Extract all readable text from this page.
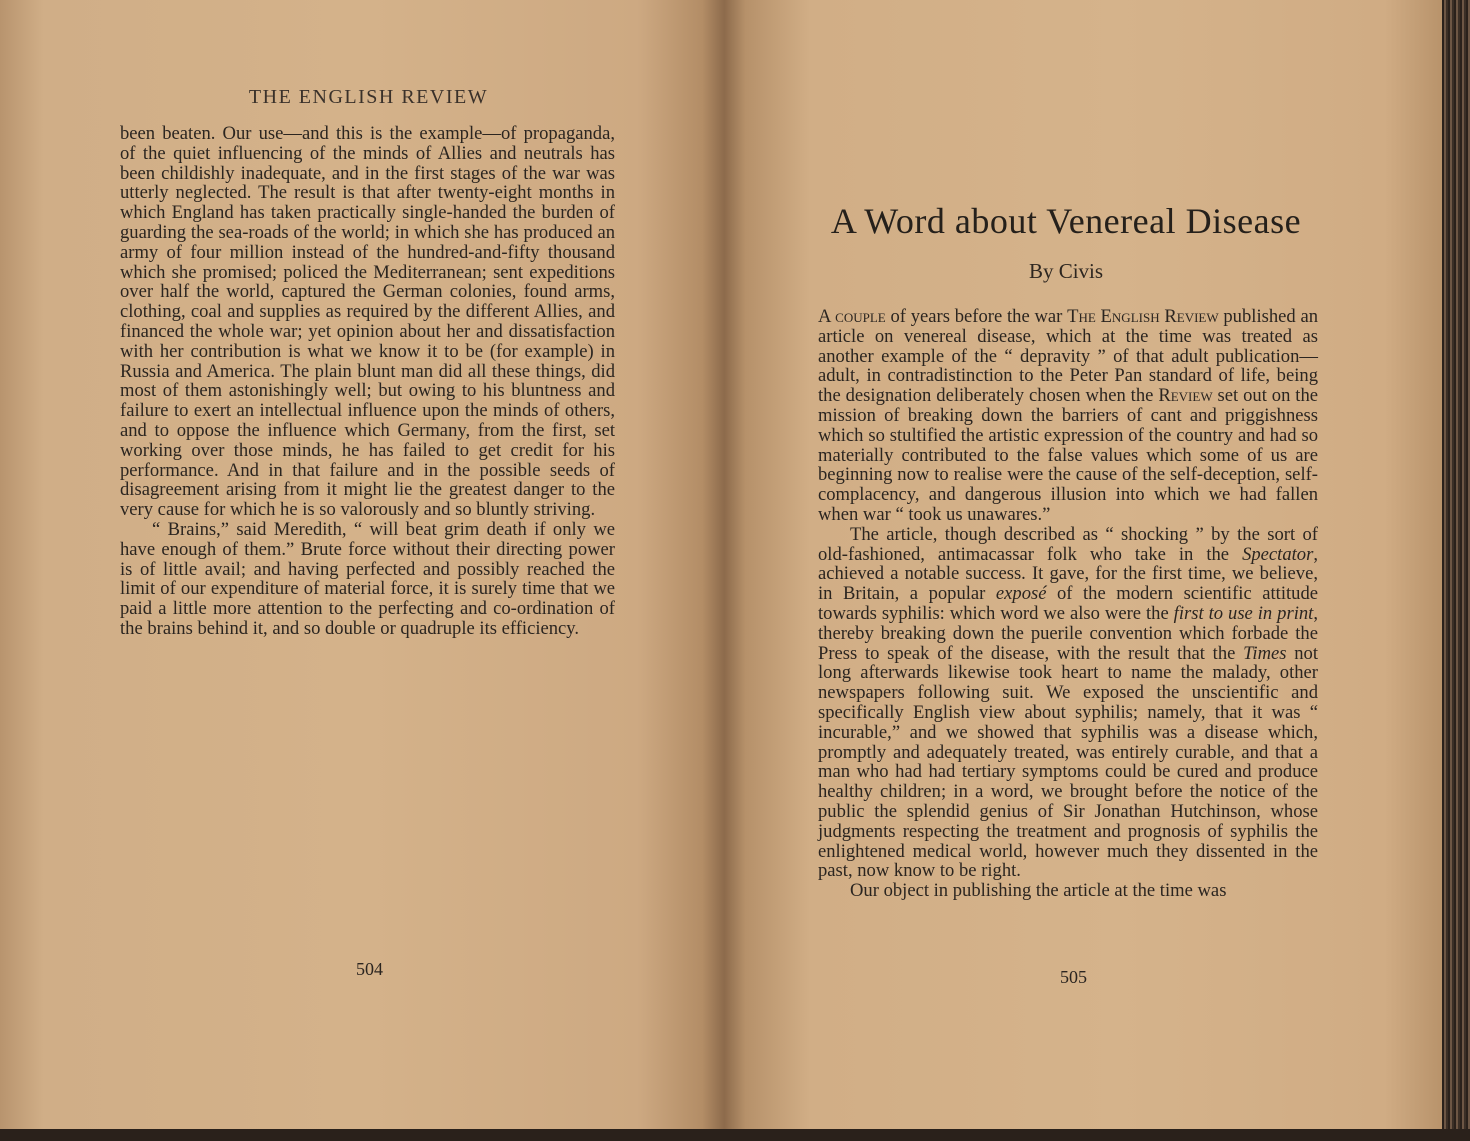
THE ENGLISH REVIEW

been beaten. Our use—and this is the example—of propaganda, of the quiet influencing of the minds of Allies and neutrals has been childishly inadequate, and in the first stages of the war was utterly neglected. The result is that after twenty-eight months in which England has taken practically single-handed the burden of guarding the sea-roads of the world; in which she has produced an army of four million instead of the hundred-and-fifty thousand which she promised; policed the Mediterranean; sent expeditions over half the world, captured the German colonies, found arms, clothing, coal and supplies as required by the different Allies, and financed the whole war; yet opinion about her and dissatisfaction with her contribution is what we know it to be (for example) in Russia and America. The plain blunt man did all these things, did most of them astonishingly well; but owing to his bluntness and failure to exert an intellectual influence upon the minds of others, and to oppose the influence which Germany, from the first, set working over those minds, he has failed to get credit for his performance. And in that failure and in the possible seeds of disagreement arising from it might lie the greatest danger to the very cause for which he is so valorously and so bluntly striving.

“ Brains,” said Meredith, “ will beat grim death if only we have enough of them.” Brute force without their directing power is of little avail; and having perfected and possibly reached the limit of our expenditure of material force, it is surely time that we paid a little more attention to the perfecting and co-ordination of the brains behind it, and so double or quadruple its efficiency.

504
A Word about Venereal Disease
By Civis

A couple of years before the war The English Review published an article on venereal disease, which at the time was treated as another example of the “ depravity ” of that adult publication—adult, in contradistinction to the Peter Pan standard of life, being the designation deliberately chosen when the Review set out on the mission of breaking down the barriers of cant and priggishness which so stultified the artistic expression of the country and had so materially contributed to the false values which some of us are beginning now to realise were the cause of the self-deception, self-complacency, and dangerous illusion into which we had fallen when war “ took us unawares.”

The article, though described as “ shocking ” by the sort of old-fashioned, antimacassar folk who take in the Spectator, achieved a notable success. It gave, for the first time, we believe, in Britain, a popular exposé of the modern scientific attitude towards syphilis: which word we also were the first to use in print, thereby breaking down the puerile convention which forbade the Press to speak of the disease, with the result that the Times not long afterwards likewise took heart to name the malady, other newspapers following suit. We exposed the unscientific and specifically English view about syphilis; namely, that it was “ incurable,” and we showed that syphilis was a disease which, promptly and adequately treated, was entirely curable, and that a man who had had tertiary symptoms could be cured and produce healthy children; in a word, we brought before the notice of the public the splendid genius of Sir Jonathan Hutchinson, whose judgments respecting the treatment and prognosis of syphilis the enlightened medical world, however much they dissented in the past, now know to be right.

Our object in publishing the article at the time was

505
